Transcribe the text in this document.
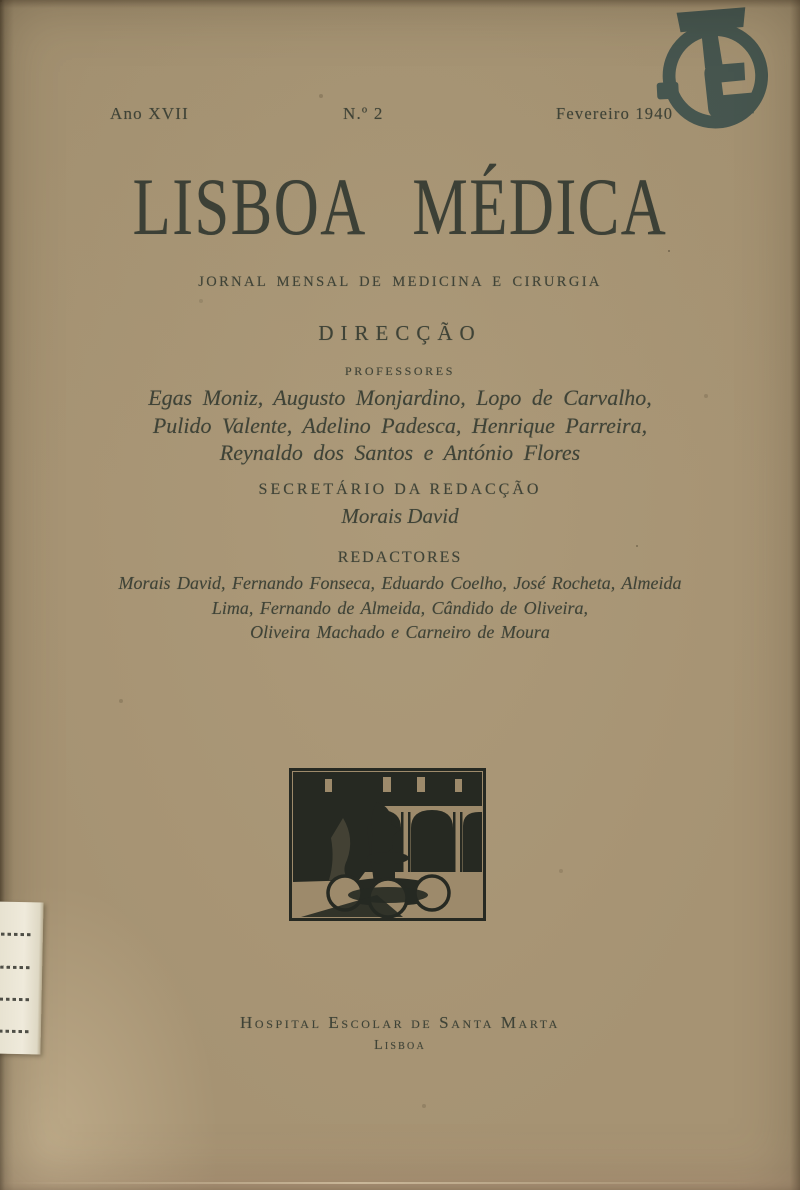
Ano XVII	N.º 2	Fevereiro 1940
LISBOA MÉDICA
JORNAL MENSAL DE MEDICINA E CIRURGIA
DIRECÇÃO
PROFESSORES
Egas Moniz, Augusto Monjardino, Lopo de Carvalho,
Pulido Valente, Adelino Padesca, Henrique Parreira,
Reynaldo dos Santos e António Flores
SECRETÁRIO DA REDACÇÃO
Morais David
REDACTORES
Morais David, Fernando Fonseca, Eduardo Coelho, José Rocheta, Almeida
Lima, Fernando de Almeida, Cândido de Oliveira,
Oliveira Machado e Carneiro de Moura
Hospital Escolar de Santa Marta
Lisboa
